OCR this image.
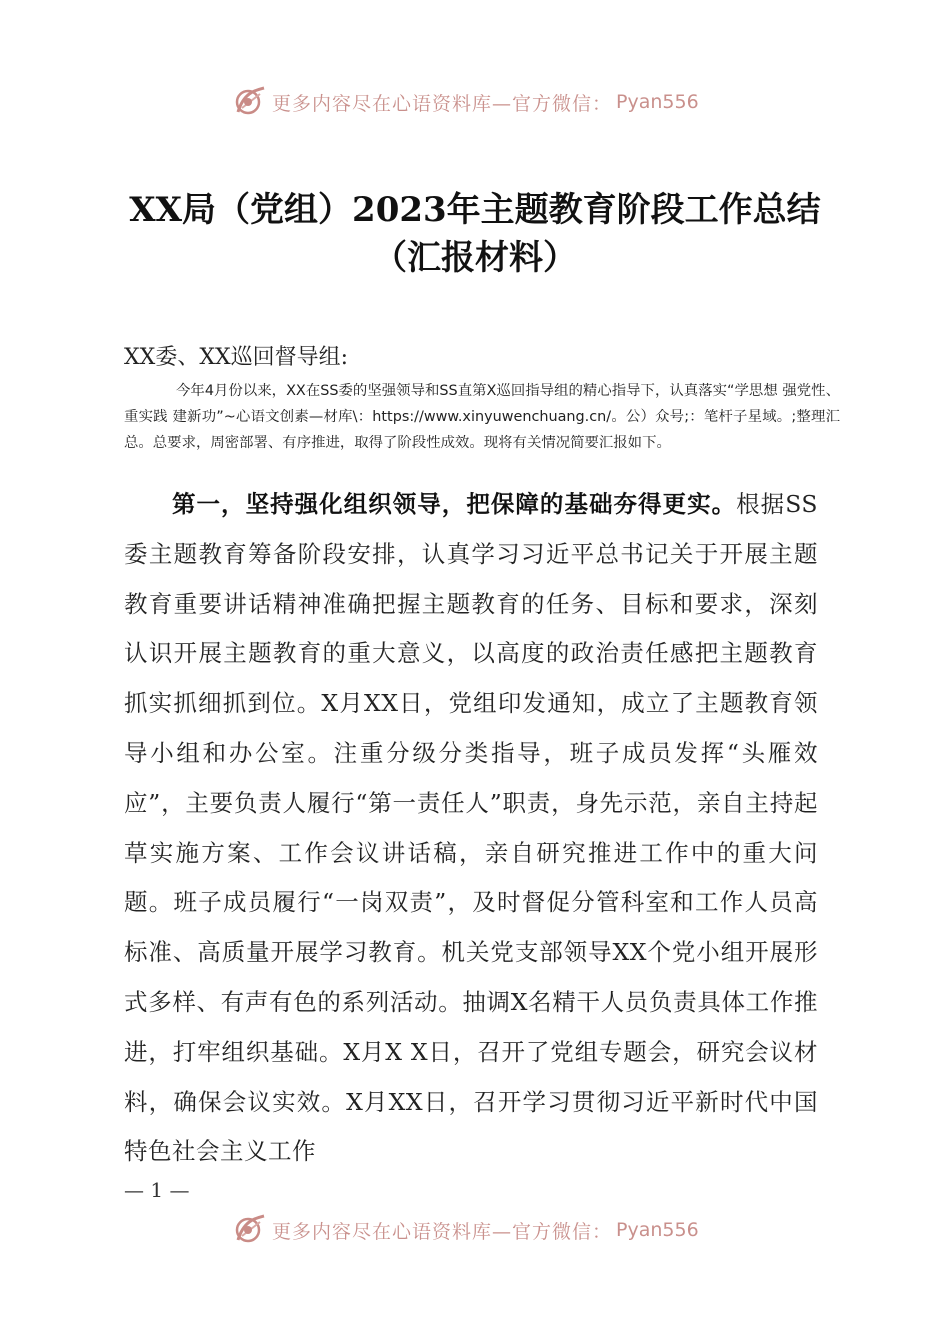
更多内容尽在心语资料库—官方微信： Pyan556
XX局（党组）2023年主题教育阶段工作总结
（汇报材料）
XX委、XX巡回督导组:
今年4月份以来，XX在SS委的坚强领导和SS直第X巡回指导组的精心指导下，认真落实“学思想 强党性、重实践 建新功”~心语文创素—材库\：https://www.xinyuwenchuang.cn/。公）众号;：笔杆子星域。;整理汇总。总要求，周密部署、有序推进，取得了阶段性成效。现将有关情况简要汇报如下。
第一，坚持强化组织领导，把保障的基础夯得更实。根据SS委主题教育筹备阶段安排，认真学习习近平总书记关于开展主题教育重要讲话精神准确把握主题教育的任务、目标和要求，深刻认识开展主题教育的重大意义，以高度的政治责任感把主题教育抓实抓细抓到位。X月XX日，党组印发通知，成立了主题教育领导小组和办公室。注重分级分类指导，班子成员发挥“头雁效应”，主要负责人履行“第一责任人”职责，身先示范，亲自主持起草实施方案、工作会议讲话稿，亲自研究推进工作中的重大问题。班子成员履行“一岗双责”，及时督促分管科室和工作人员高标准、高质量开展学习教育。机关党支部领导XX个党小组开展形式多样、有声有色的系列活动。抽调X名精干人员负责具体工作推进，打牢组织基础。X月X X日，召开了党组专题会，研究会议材料，确保会议实效。X月XX日，召开学习贯彻习近平新时代中国特色社会主义工作
— 1 —
更多内容尽在心语资料库—官方微信： Pyan556
